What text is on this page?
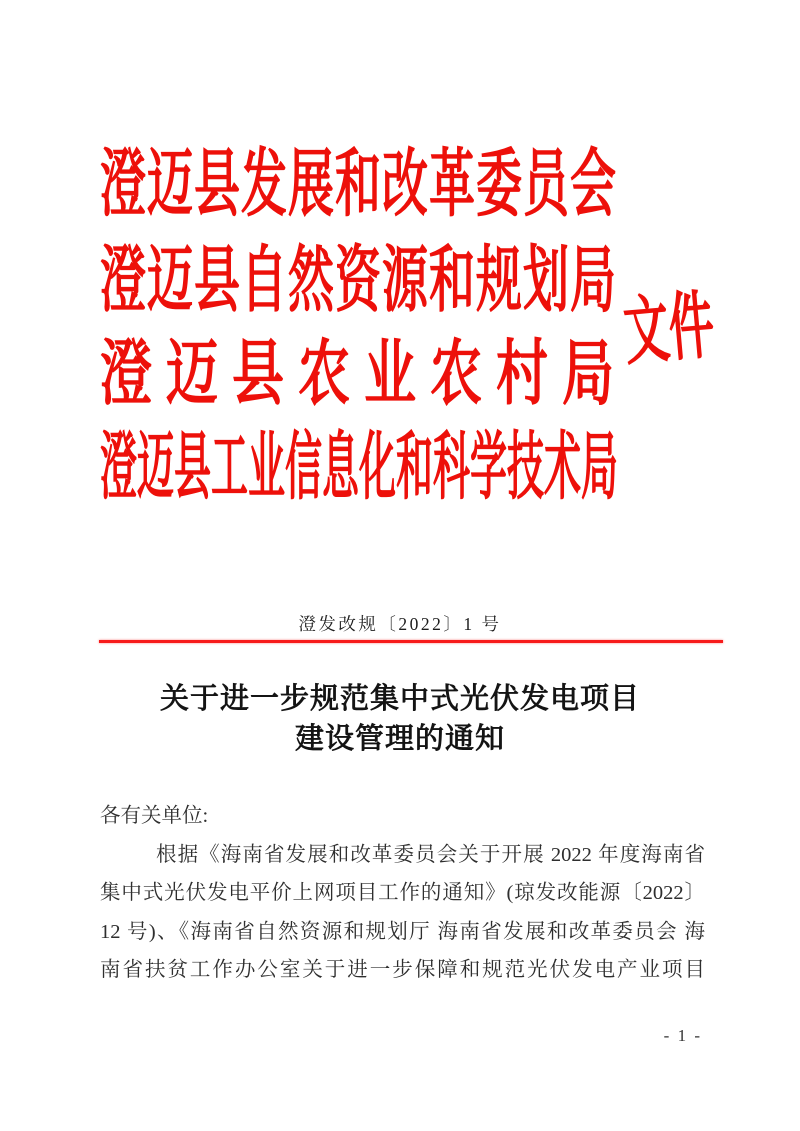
澄迈县发展和改革委员会
澄迈县自然资源和规划局
澄迈县农业农村局
澄迈县工业信息化和科学技术局
文件
澄发改规〔2022〕1 号
关于进一步规范集中式光伏发电项目
建设管理的通知
各有关单位:
根据《海南省发展和改革委员会关于开展 2022 年度海南省
集中式光伏发电平价上网项目工作的通知》(琼发改能源〔2022〕
12 号)、《海南省自然资源和规划厅 海南省发展和改革委员会 海
南省扶贫工作办公室关于进一步保障和规范光伏发电产业项目
- 1 -
